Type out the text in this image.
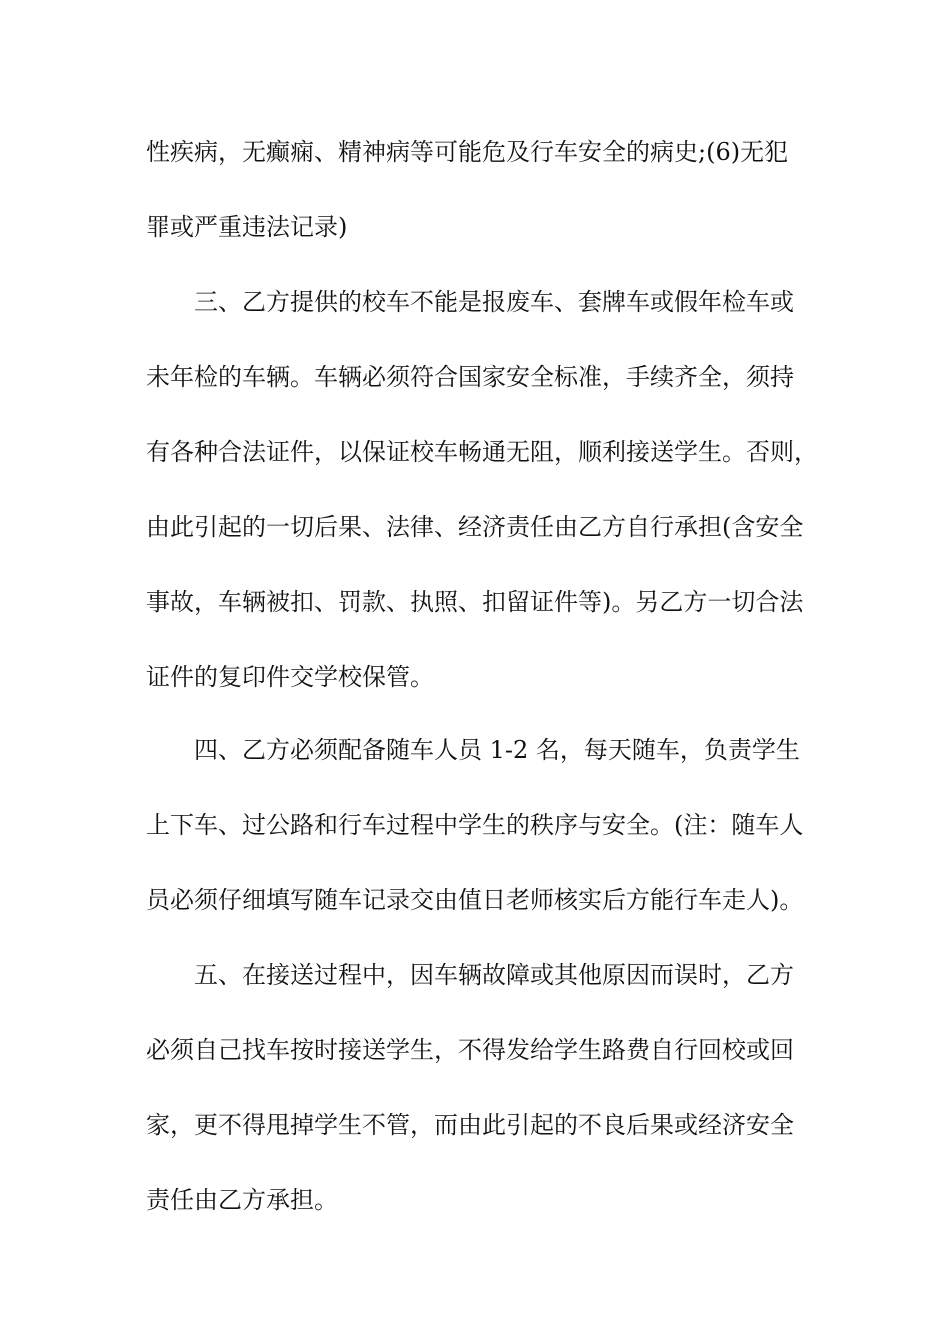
性疾病，无癫痫、精神病等可能危及行车安全的病史;(6)无犯
罪或严重违法记录)
三、乙方提供的校车不能是报废车、套牌车或假年检车或
未年检的车辆。车辆必须符合国家安全标准，手续齐全，须持
有各种合法证件，以保证校车畅通无阻，顺利接送学生。否则，
由此引起的一切后果、法律、经济责任由乙方自行承担(含安全
事故，车辆被扣、罚款、执照、扣留证件等)。另乙方一切合法
证件的复印件交学校保管。
四、乙方必须配备随车人员 1-2 名，每天随车，负责学生
上下车、过公路和行车过程中学生的秩序与安全。(注：随车人
员必须仔细填写随车记录交由值日老师核实后方能行车走人)。
五、在接送过程中，因车辆故障或其他原因而误时，乙方
必须自己找车按时接送学生，不得发给学生路费自行回校或回
家，更不得甩掉学生不管，而由此引起的不良后果或经济安全
责任由乙方承担。
